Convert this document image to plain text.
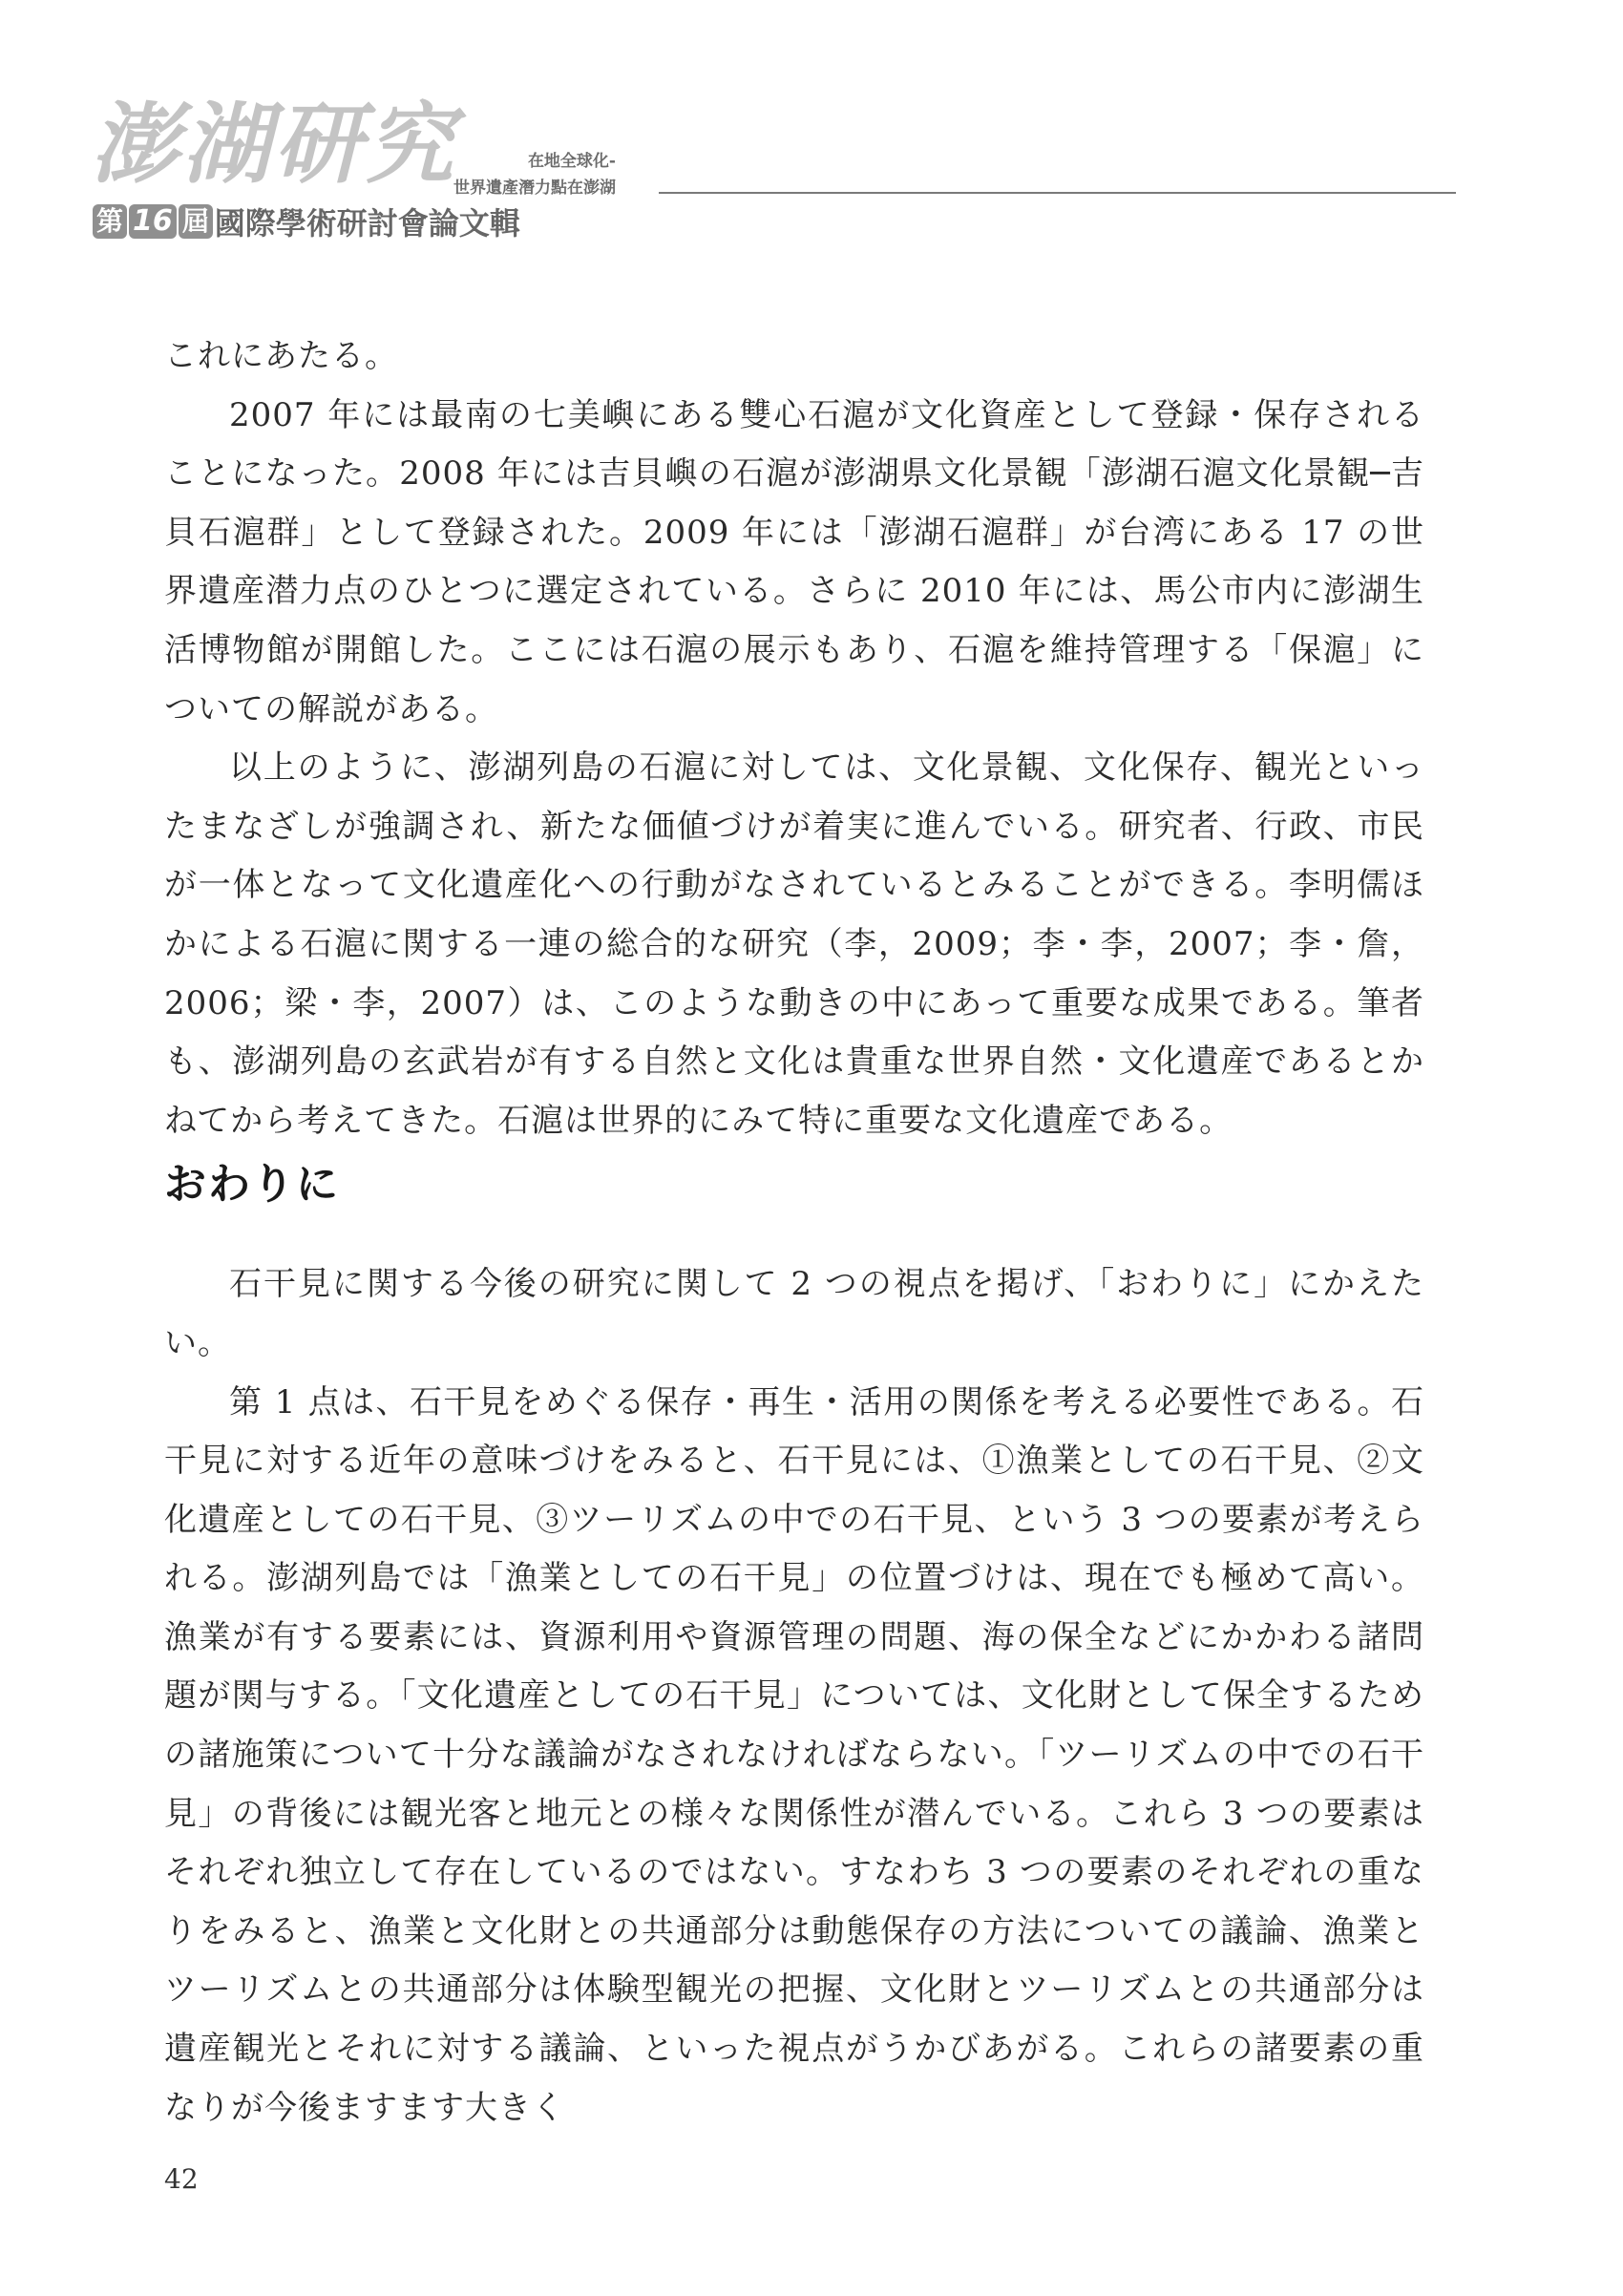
澎湖研究
第 16 屆 國際學術研討會論文輯
在地全球化-
世界遺產潛力點在澎湖

これにあたる。

2007 年には最南の七美嶼にある雙心石滬が文化資産として登録・保存されることになった。2008 年には吉貝嶼の石滬が澎湖県文化景観「澎湖石滬文化景観─吉貝石滬群」として登録された。2009 年には「澎湖石滬群」が台湾にある 17 の世界遺産潜力点のひとつに選定されている。さらに 2010 年には、馬公市内に澎湖生活博物館が開館した。ここには石滬の展示もあり、石滬を維持管理する「保滬」についての解説がある。

以上のように、澎湖列島の石滬に対しては、文化景観、文化保存、観光といったまなざしが強調され、新たな価値づけが着実に進んでいる。研究者、行政、市民が一体となって文化遺産化への行動がなされているとみることができる。李明儒ほかによる石滬に関する一連の総合的な研究（李，2009；李・李，2007；李・詹，2006；梁・李，2007）は、このような動きの中にあって重要な成果である。筆者も、澎湖列島の玄武岩が有する自然と文化は貴重な世界自然・文化遺産であるとかねてから考えてきた。石滬は世界的にみて特に重要な文化遺産である。

おわりに

石干見に関する今後の研究に関して 2 つの視点を掲げ、「おわりに」にかえたい。

第 1 点は、石干見をめぐる保存・再生・活用の関係を考える必要性である。石干見に対する近年の意味づけをみると、石干見には、①漁業としての石干見、②文化遺産としての石干見、③ツーリズムの中での石干見、という 3 つの要素が考えられる。澎湖列島では「漁業としての石干見」の位置づけは、現在でも極めて高い。漁業が有する要素には、資源利用や資源管理の問題、海の保全などにかかわる諸問題が関与する。「文化遺産としての石干見」については、文化財として保全するための諸施策について十分な議論がなされなければならない。「ツーリズムの中での石干見」の背後には観光客と地元との様々な関係性が潜んでいる。これら 3 つの要素はそれぞれ独立して存在しているのではない。すなわち 3 つの要素のそれぞれの重なりをみると、漁業と文化財との共通部分は動態保存の方法についての議論、漁業とツーリズムとの共通部分は体験型観光の把握、文化財とツーリズムとの共通部分は遺産観光とそれに対する議論、といった視点がうかびあがる。これらの諸要素の重なりが今後ますます大きく

42
